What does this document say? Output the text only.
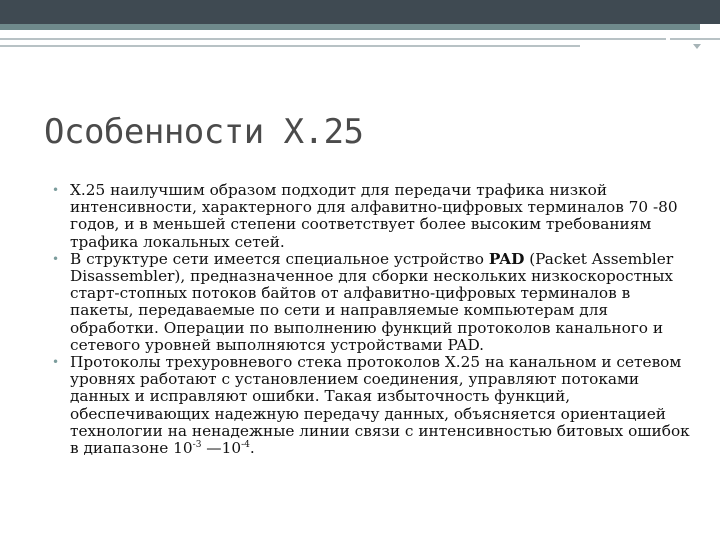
Особенности X.25
• X.25 наилучшим образом подходит для передачи трафика низкой интенсивности, характерного для алфавитно-цифровых терминалов 70 -80 годов, и в меньшей степени соответствует более высоким требованиям трафика локальных сетей.
• В структуре сети имеется специальное устройство PAD (Packet Assembler Disassembler), предназначенное для сборки нескольких низкоскоростных старт-стопных потоков байтов от алфавитно-цифровых терминалов в пакеты, передаваемые по сети и направляемые компьютерам для обработки. Операции по выполнению функций протоколов канального и сетевого уровней выполняются устройствами PAD.
• Протоколы трехуровневого стека протоколов X.25 на канальном и сетевом уровнях работают с установлением соединения, управляют потоками данных и исправляют ошибки. Такая избыточность функций, обеспечивающих надежную передачу данных, объясняется ориентацией технологии на ненадежные линии связи с интенсивностью битовых ошибок в диапазоне $10^{-3}$ $—10^{-4}$.
